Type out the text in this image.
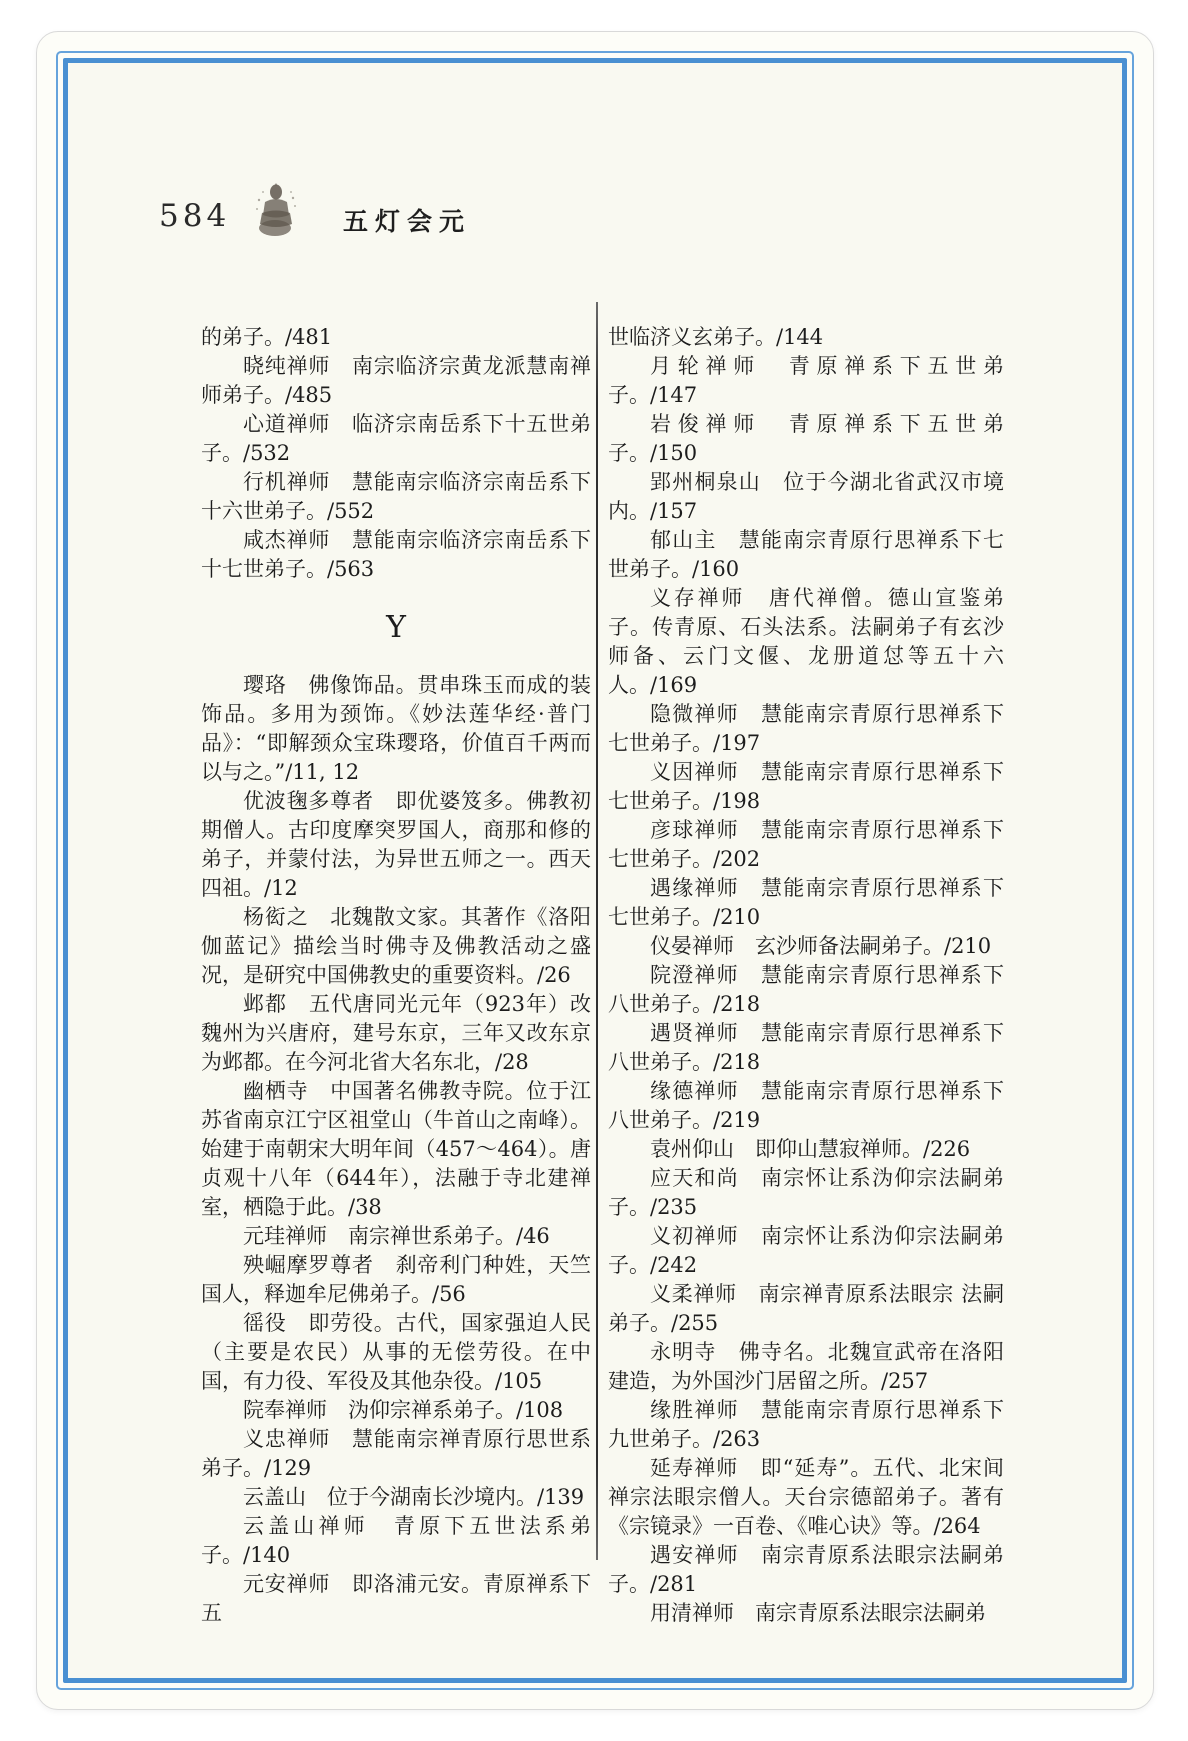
584	五灯会元

的弟子。/481

晓纯禅师　南宗临济宗黄龙派慧南禅师弟子。/485

心道禅师　临济宗南岳系下十五世弟子。/532

行机禅师　慧能南宗临济宗南岳系下十六世弟子。/552

咸杰禅师　慧能南宗临济宗南岳系下十七世弟子。/563

Y

璎珞　佛像饰品。贯串珠玉而成的装饰品。多用为颈饰。《妙法莲华经·普门品》：“即解颈众宝珠璎珞，价值百千两而以与之。”/11, 12

优波毱多尊者　即优婆笈多。佛教初期僧人。古印度摩突罗国人，商那和修的弟子，并蒙付法，为异世五师之一。西天四祖。/12

杨衒之　北魏散文家。其著作《洛阳伽蓝记》描绘当时佛寺及佛教活动之盛况，是研究中国佛教史的重要资料。/26

邺都　五代唐同光元年（923年）改魏州为兴唐府，建号东京，三年又改东京为邺都。在今河北省大名东北，/28

幽栖寺　中国著名佛教寺院。位于江苏省南京江宁区祖堂山（牛首山之南峰）。始建于南朝宋大明年间（457～464）。唐贞观十八年（644年），法融于寺北建禅室，栖隐于此。/38

元珪禅师　南宗禅世系弟子。/46

殃崛摩罗尊者　刹帝利门种姓，天竺国人，释迦牟尼佛弟子。/56

徭役　即劳役。古代，国家强迫人民（主要是农民）从事的无偿劳役。在中国，有力役、军役及其他杂役。/105

院奉禅师　沩仰宗禅系弟子。/108

义忠禅师　慧能南宗禅青原行思世系弟子。/129

云盖山　位于今湖南长沙境内。/139

云盖山禅师　青原下五世法系弟子。/140

元安禅师　即洛浦元安。青原禅系下五

世临济义玄弟子。/144

月轮禅师　青原禅系下五世弟子。/147

岩俊禅师　青原禅系下五世弟子。/150

郢州桐泉山　位于今湖北省武汉市境内。/157

郁山主　慧能南宗青原行思禅系下七世弟子。/160

义存禅师　唐代禅僧。德山宣鉴弟子。传青原、石头法系。法嗣弟子有玄沙师备、云门文偃、龙册道怤等五十六人。/169

隐微禅师　慧能南宗青原行思禅系下七世弟子。/197

义因禅师　慧能南宗青原行思禅系下七世弟子。/198

彦球禅师　慧能南宗青原行思禅系下七世弟子。/202

遇缘禅师　慧能南宗青原行思禅系下七世弟子。/210

仪晏禅师　玄沙师备法嗣弟子。/210

院澄禅师　慧能南宗青原行思禅系下八世弟子。/218

遇贤禅师　慧能南宗青原行思禅系下八世弟子。/218

缘德禅师　慧能南宗青原行思禅系下八世弟子。/219

袁州仰山　即仰山慧寂禅师。/226

应天和尚　南宗怀让系沩仰宗法嗣弟子。/235

义初禅师　南宗怀让系沩仰宗法嗣弟子。/242

义柔禅师　南宗禅青原系法眼宗 法嗣弟子。/255

永明寺　佛寺名。北魏宣武帝在洛阳建造，为外国沙门居留之所。/257

缘胜禅师　慧能南宗青原行思禅系下九世弟子。/263

延寿禅师　即“延寿”。五代、北宋间禅宗法眼宗僧人。天台宗德韶弟子。著有《宗镜录》一百卷、《唯心诀》等。/264

遇安禅师　南宗青原系法眼宗法嗣弟子。/281

用清禅师　南宗青原系法眼宗法嗣弟
